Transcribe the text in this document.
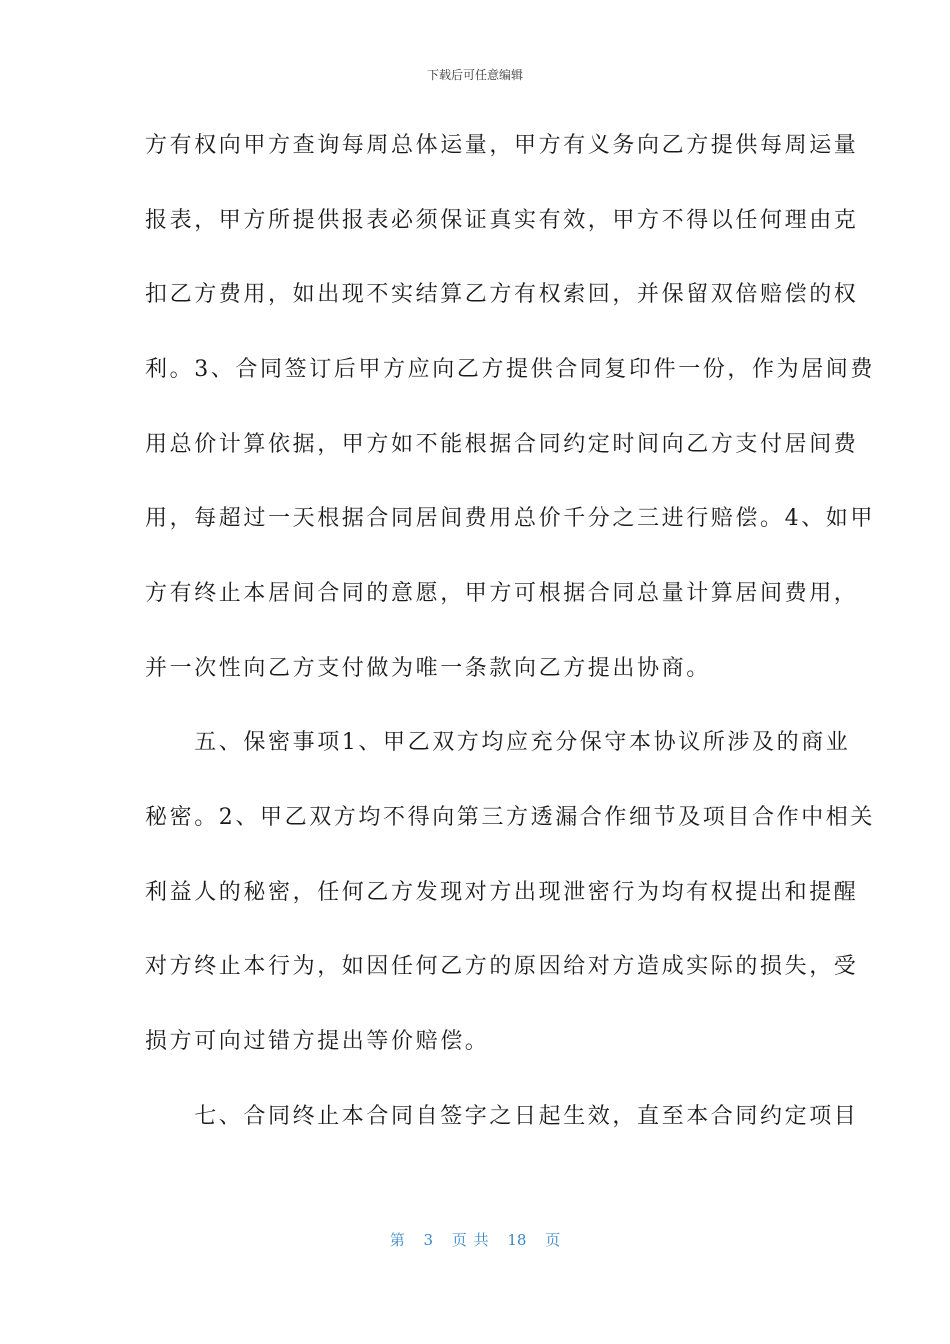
下载后可任意编辑
方有权向甲方查询每周总体运量，甲方有义务向乙方提供每周运量
报表，甲方所提供报表必须保证真实有效，甲方不得以任何理由克
扣乙方费用，如出现不实结算乙方有权索回，并保留双倍赔偿的权
利。3、合同签订后甲方应向乙方提供合同复印件一份，作为居间费
用总价计算依据，甲方如不能根据合同约定时间向乙方支付居间费
用，每超过一天根据合同居间费用总价千分之三进行赔偿。4、如甲
方有终止本居间合同的意愿，甲方可根据合同总量计算居间费用，
并一次性向乙方支付做为唯一条款向乙方提出协商。
　　五、保密事项1、甲乙双方均应充分保守本协议所涉及的商业
秘密。2、甲乙双方均不得向第三方透漏合作细节及项目合作中相关
利益人的秘密，任何乙方发现对方出现泄密行为均有权提出和提醒
对方终止本行为，如因任何乙方的原因给对方造成实际的损失，受
损方可向过错方提出等价赔偿。
　　七、合同终止本合同自签字之日起生效，直至本合同约定项目
第 3 页 共 18 页
